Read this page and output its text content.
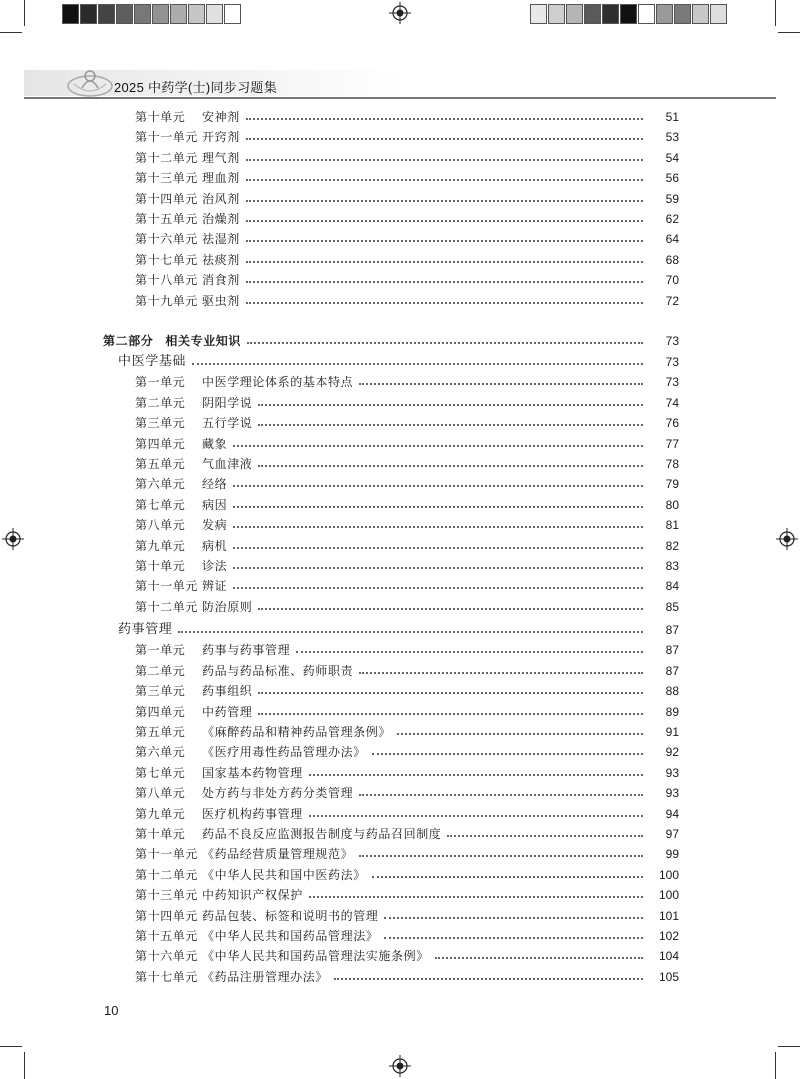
2025 中药学(士)同步习题集
第十单元 安神剂	51
第十一单元 开窍剂	53
第十二单元 理气剂	54
第十三单元 理血剂	56
第十四单元 治风剂	59
第十五单元 治燥剂	62
第十六单元 祛湿剂	64
第十七单元 祛痰剂	68
第十八单元 消食剂	70
第十九单元 驱虫剂	72
第二部分 相关专业知识	73
中医学基础	73
第一单元 中医学理论体系的基本特点	73
第二单元 阴阳学说	74
第三单元 五行学说	76
第四单元 藏象	77
第五单元 气血津液	78
第六单元 经络	79
第七单元 病因	80
第八单元 发病	81
第九单元 病机	82
第十单元 诊法	83
第十一单元 辨证	84
第十二单元 防治原则	85
药事管理	87
第一单元 药事与药事管理	87
第二单元 药品与药品标准、药师职责	87
第三单元 药事组织	88
第四单元 中药管理	89
第五单元 《麻醉药品和精神药品管理条例》	91
第六单元 《医疗用毒性药品管理办法》	92
第七单元 国家基本药物管理	93
第八单元 处方药与非处方药分类管理	93
第九单元 医疗机构药事管理	94
第十单元 药品不良反应监测报告制度与药品召回制度	97
第十一单元 《药品经营质量管理规范》	99
第十二单元 《中华人民共和国中医药法》	100
第十三单元 中药知识产权保护	100
第十四单元 药品包装、标签和说明书的管理	101
第十五单元 《中华人民共和国药品管理法》	102
第十六单元 《中华人民共和国药品管理法实施条例》	104
第十七单元 《药品注册管理办法》	105
10
